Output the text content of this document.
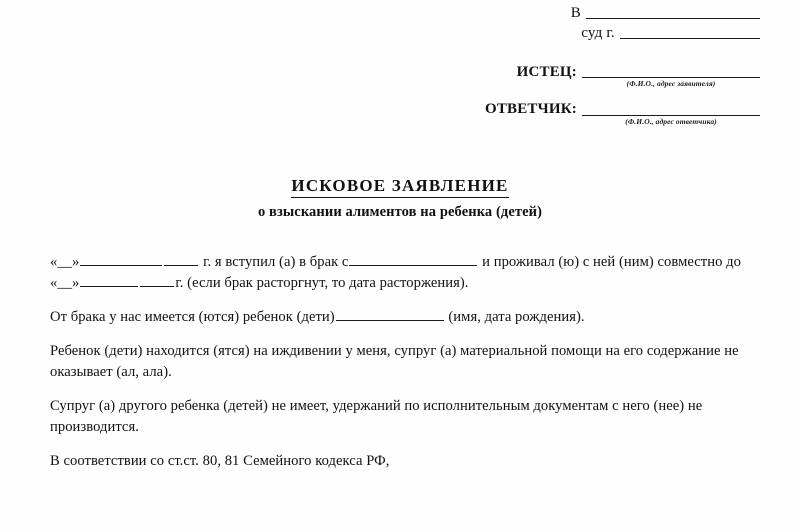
В
суд г.
ИСТЕЦ:
(Ф.И.О., адрес заявителя)
ОТВЕТЧИК:
(Ф.И.О., адрес ответчика)
ИСКОВОЕ ЗАЯВЛЕНИЕ
о взыскании алиментов на ребенка (детей)

«__»	г. я вступил (а) в брак с	и проживал (ю) с ней (ним) совместно до «__»	г. (если брак расторгнут, то дата расторжения).

От брака у нас имеется (ются) ребенок (дети)	(имя, дата рождения).

Ребенок (дети) находится (ятся) на иждивении у меня, супруг (а) материальной помощи на его содержание не оказывает (ал, ала).

Супруг (а) другого ребенка (детей) не имеет, удержаний по исполнительным документам с него (нее) не производится.

В соответствии со ст.ст. 80, 81 Семейного кодекса РФ,
